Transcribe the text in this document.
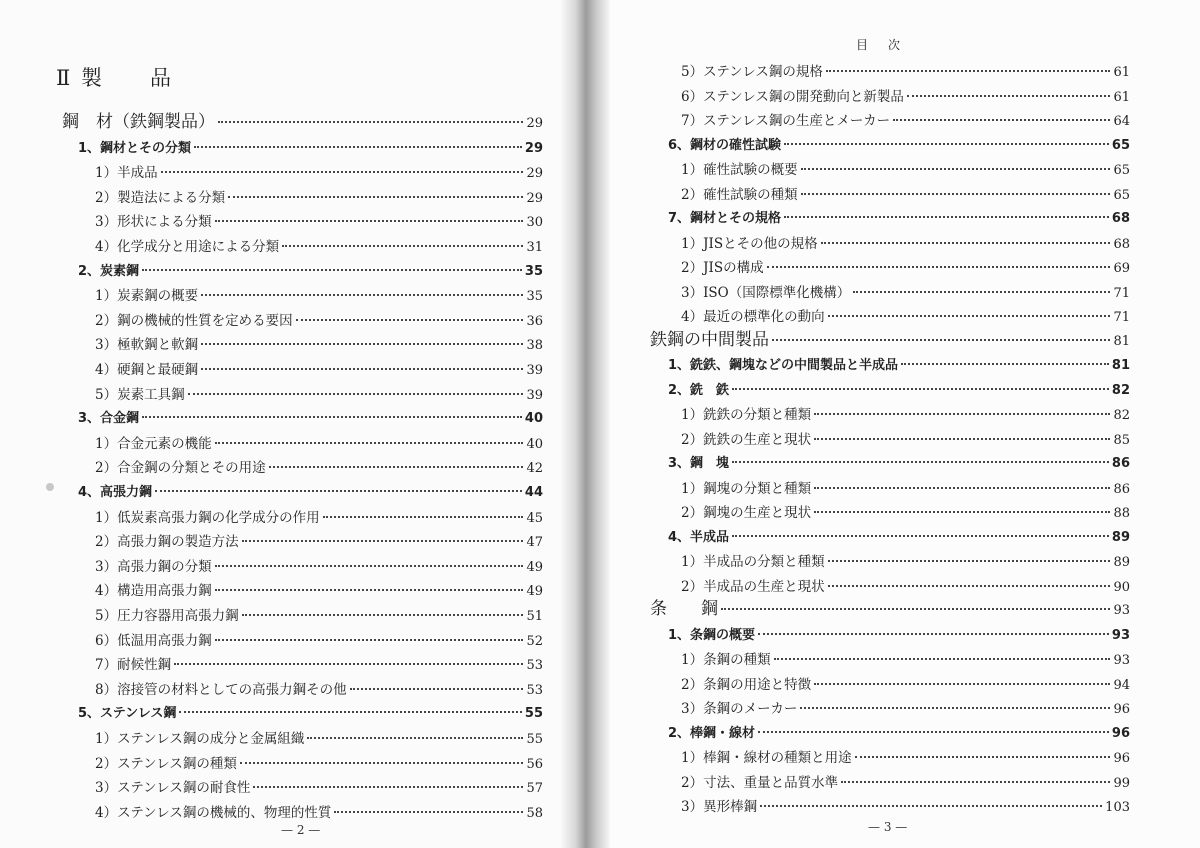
Ⅱ 製　　品
鋼　材（鉄鋼製品）	29
1、鋼材とその分類	29
1）半成品	29
2）製造法による分類	29
3）形状による分類	30
4）化学成分と用途による分類	31
2、炭素鋼	35
1）炭素鋼の概要	35
2）鋼の機械的性質を定める要因	36
3）極軟鋼と軟鋼	38
4）硬鋼と最硬鋼	39
5）炭素工具鋼	39
3、合金鋼	40
1）合金元素の機能	40
2）合金鋼の分類とその用途	42
4、高張力鋼	44
1）低炭素高張力鋼の化学成分の作用	45
2）高張力鋼の製造方法	47
3）高張力鋼の分類	49
4）構造用高張力鋼	49
5）圧力容器用高張力鋼	51
6）低温用高張力鋼	52
7）耐候性鋼	53
8）溶接管の材料としての高張力鋼その他	53
5、ステンレス鋼	55
1）ステンレス鋼の成分と金属組織	55
2）ステンレス鋼の種類	56
3）ステンレス鋼の耐食性	57
4）ステンレス鋼の機械的、物理的性質	58
— 2 —
5）ステンレス鋼の規格	61
6）ステンレス鋼の開発動向と新製品	61
7）ステンレス鋼の生産とメーカー	64
6、鋼材の確性試験	65
1）確性試験の概要	65
2）確性試験の種類	65
7、鋼材とその規格	68
1）JISとその他の規格	68
2）JISの構成	69
3）ISO（国際標準化機構）	71
4）最近の標準化の動向	71
鉄鋼の中間製品	81
1、銑鉄、鋼塊などの中間製品と半成品	81
2、銑　鉄	82
1）銑鉄の分類と種類	82
2）銑鉄の生産と現状	85
3、鋼　塊	86
1）鋼塊の分類と種類	86
2）鋼塊の生産と現状	88
4、半成品	89
1）半成品の分類と種類	89
2）半成品の生産と現状	90
条　　鋼	93
1、条鋼の概要	93
1）条鋼の種類	93
2）条鋼の用途と特徴	94
3）条鋼のメーカー	96
2、棒鋼・線材	96
1）棒鋼・線材の種類と用途	96
2）寸法、重量と品質水準	99
3）異形棒鋼	103
目次
— 3 —
